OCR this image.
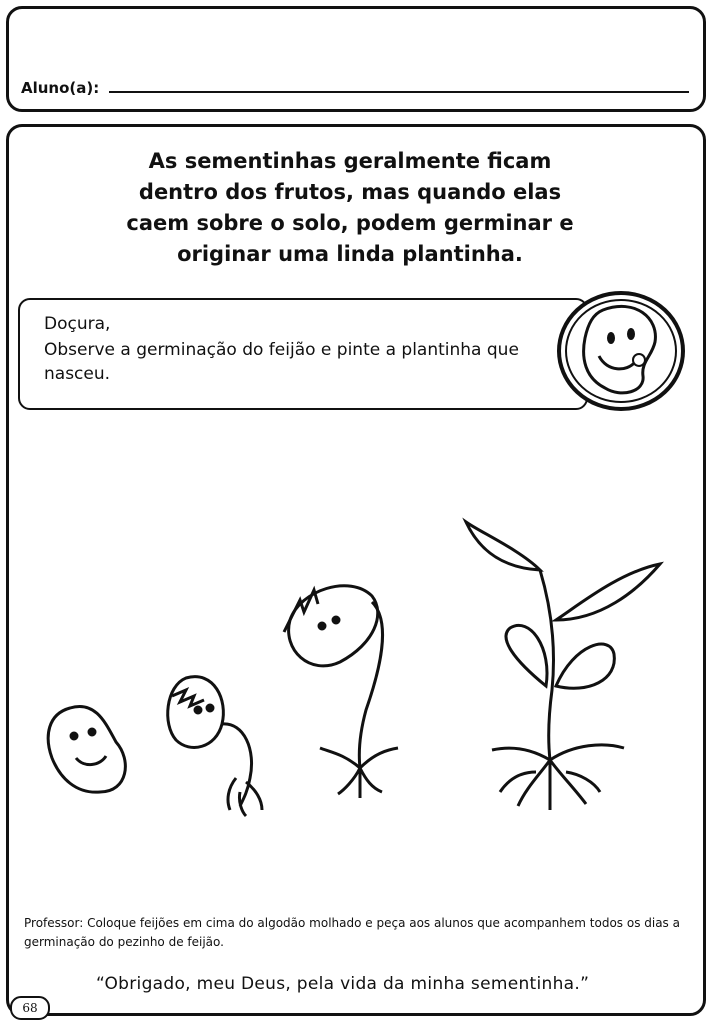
Aluno(a):
As sementinhas geralmente ficam
dentro dos frutos, mas quando elas
caem sobre o solo, podem germinar e
originar uma linda plantinha.
Doçura,
Observe a germinação do feijão e pinte a plantinha que nasceu.
Professor: Coloque feijões em cima do algodão molhado e peça aos alunos que acompanhem todos os dias a germinação do pezinho de feijão.
“Obrigado, meu Deus, pela vida da minha sementinha.”
68
